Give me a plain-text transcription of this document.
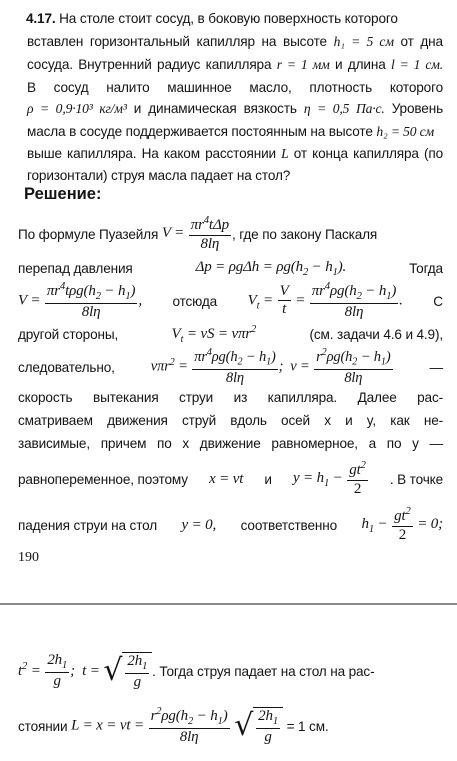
4.17. На столе стоит сосуд, в боковую поверхность которого
вставлен горизонтальный капилляр на высоте h₁ = 5 см от дна
сосуда. Внутренний радиус капилляра r = 1 мм и длина l = 1 см.
В сосуд налито машинное масло, плотность которого
ρ = 0,9·10³ кг/м³ и динамическая вязкость η = 0,5 Па·с. Уровень
масла в сосуде поддерживается постоянным на высоте h₂ = 50 см
выше капилляра. На каком расстоянии L от конца капилляра (по
горизонтали) струя масла падает на стол?
Решение:
По формуле Пуазейля
V =
$\pi r^4t\Delta p$
8lη
, где по закону Паскаля
перепад давления	$\Delta p = \rho g\Delta h = \rho g(h_2 - h_1)$.	Тогда
V =
$\pi r^4t\rho g(h_2 - h_1)$
8lη
, отсюда $V_t = \frac{V}{t} = \frac{\pi r^4\rho g(h_2 - h_1)}{8l\eta}$ . С
другой стороны,	$V_t$ = vS = vπr$^2$	(см. задачи 4.6 и 4.9),
следовательно, $v\pi r^2 = \frac{\pi r^4\rho g(h_2 - h_1)}{8l\eta}$ ;  $v = \frac{r^2\rho g(h_2 - h_1)}{8l\eta}$	—
скорость вытекания струи из капилляра. Далее рас-
сматриваем движения струй вдоль осей x и y, как не-
зависимые, причем по x движение равномерное, а по y —
равнопеременное, поэтому x = vt и $y = h_1 - \frac{gt^2}{2}$ . В точке
падения струи на стол y = 0, соответственно $h_1 - \frac{gt^2}{2} = 0$;
190
$t^2 = \frac{2h_1}{g}$ ;  t = √ $\frac{2h_1}{g}$ . Тогда струя падает на стол на рас-
стоянии
L = x = vt = $\frac{r^2\rho g(h_2 - h_1)}{8l\eta}$
√ $\frac{2h_1}{g}$
= 1 см.
